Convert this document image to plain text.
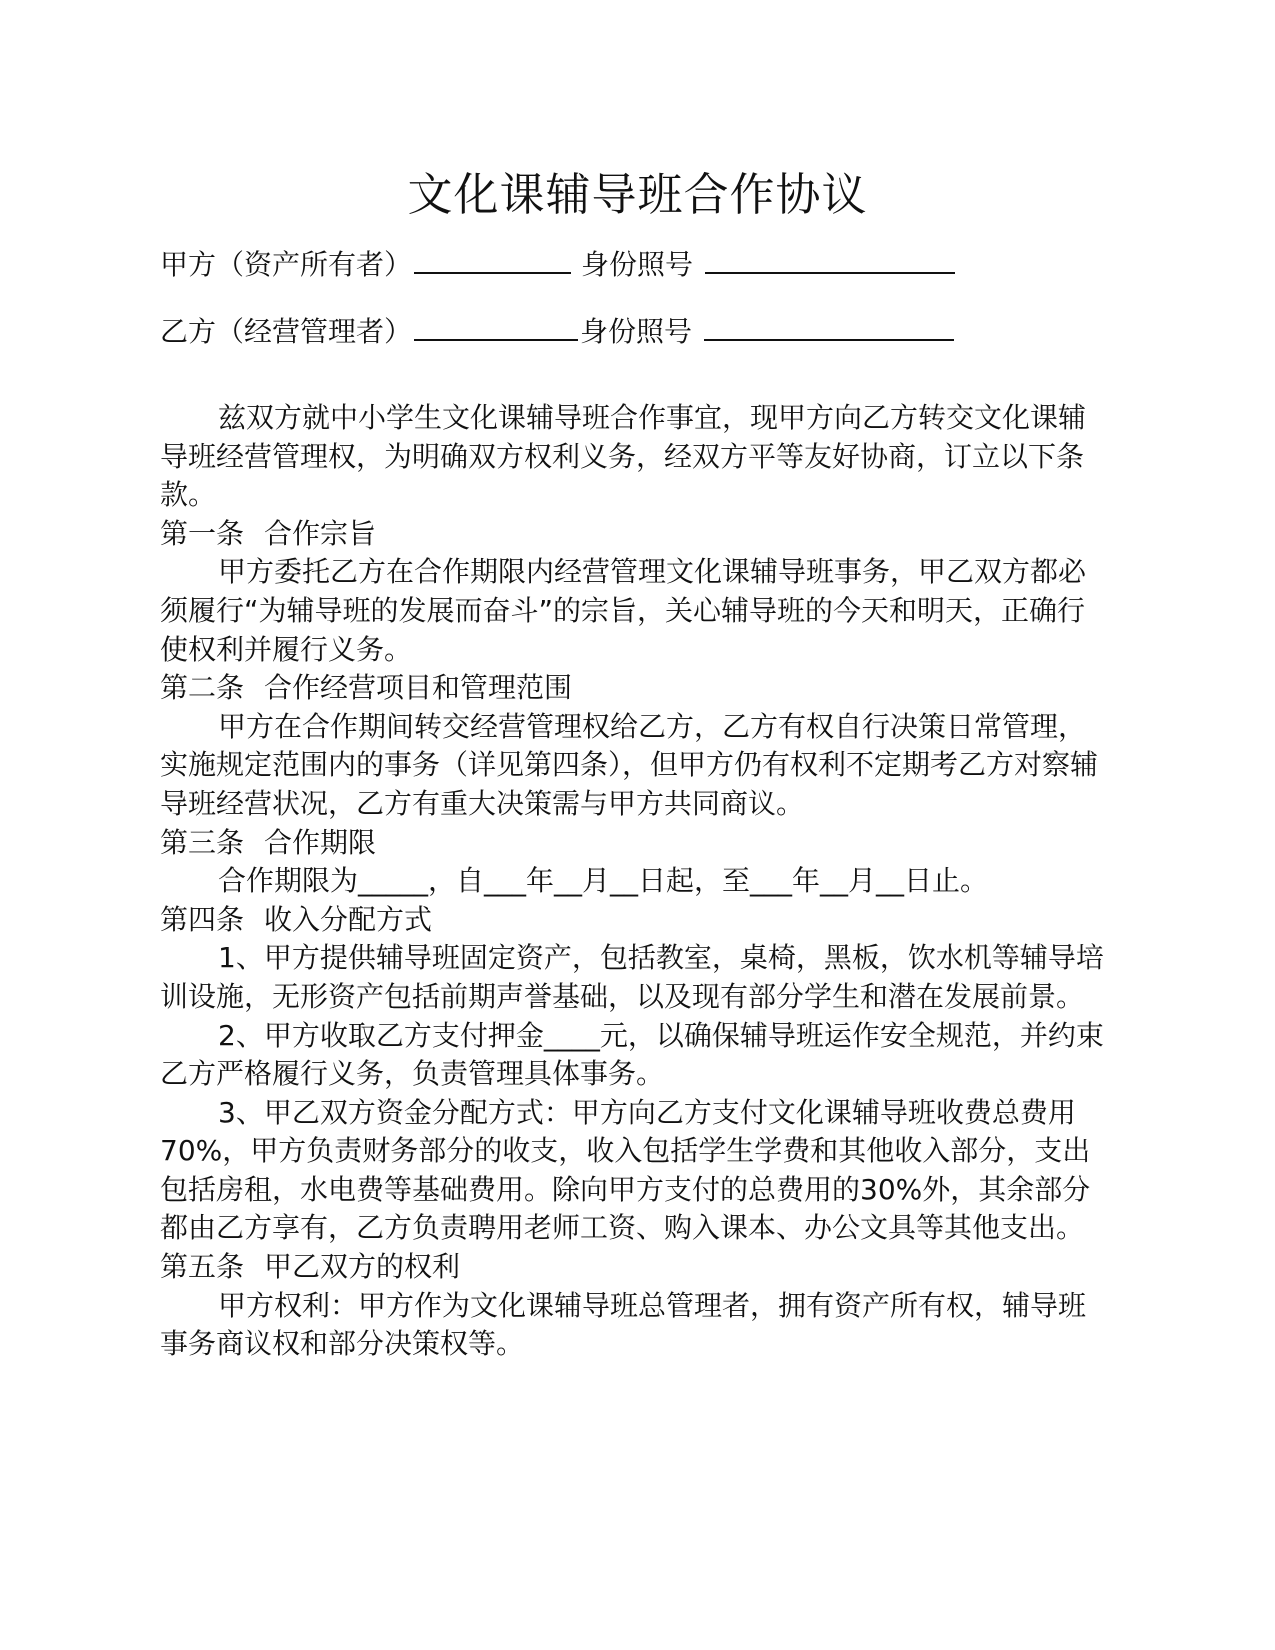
文化课辅导班合作协议
甲方（资产所有者）	身份照号
乙方（经营管理者）	身份照号

兹双方就中小学生文化课辅导班合作事宜，现甲方向乙方转交文化课辅导班经营管理权，为明确双方权利义务，经双方平等友好协商，订立以下条款。

第一条 合作宗旨

甲方委托乙方在合作期限内经营管理文化课辅导班事务，甲乙双方都必须履行“为辅导班的发展而奋斗”的宗旨，关心辅导班的今天和明天，正确行使权利并履行义务。

第二条 合作经营项目和管理范围

甲方在合作期间转交经营管理权给乙方，乙方有权自行决策日常管理，实施规定范围内的事务（详见第四条），但甲方仍有权利不定期考乙方对察辅导班经营状况，乙方有重大决策需与甲方共同商议。

第三条 合作期限

合作期限为_____，自___年__月__日起，至___年__月__日止。

第四条 收入分配方式

1、甲方提供辅导班固定资产，包括教室，桌椅，黑板，饮水机等辅导培训设施，无形资产包括前期声誉基础，以及现有部分学生和潜在发展前景。

2、甲方收取乙方支付押金____元，以确保辅导班运作安全规范，并约束乙方严格履行义务，负责管理具体事务。

3、甲乙双方资金分配方式：甲方向乙方支付文化课辅导班收费总费用70%，甲方负责财务部分的收支，收入包括学生学费和其他收入部分，支出包括房租，水电费等基础费用。除向甲方支付的总费用的30%外，其余部分都由乙方享有，乙方负责聘用老师工资、购入课本、办公文具等其他支出。

第五条 甲乙双方的权利

甲方权利：甲方作为文化课辅导班总管理者，拥有资产所有权，辅导班事务商议权和部分决策权等。
